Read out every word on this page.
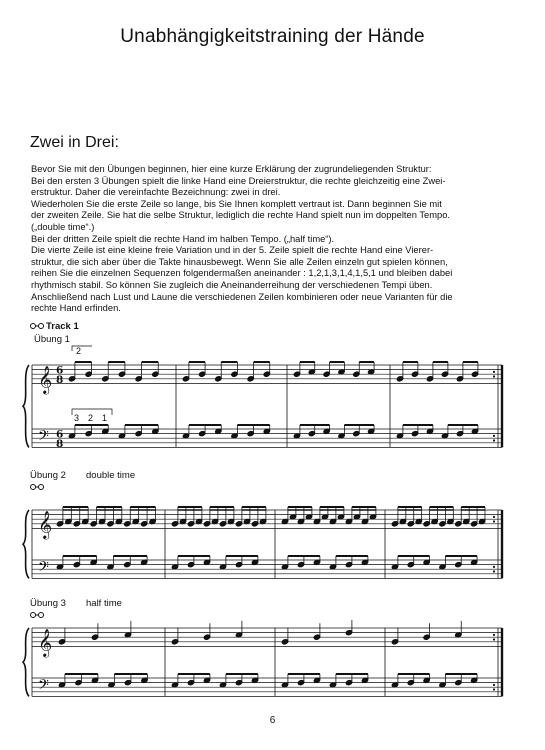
Unabhängigkeitstraining der Hände
Zwei in Drei:
Bevor Sie mit den Übungen beginnen, hier eine kurze Erklärung der zugrundeliegenden Struktur:
Bei den ersten 3 Übungen spielt die linke Hand eine Dreierstruktur, die rechte gleichzeitig eine Zwei-
erstruktur. Daher die vereinfachte Bezeichnung: zwei in drei.
Wiederholen Sie die erste Zeile so lange, bis Sie Ihnen komplett vertraut ist. Dann beginnen Sie mit
der zweiten Zeile. Sie hat die selbe Struktur, lediglich die rechte Hand spielt nun im doppelten Tempo.
(„double time“.)
Bei der dritten Zeile spielt die rechte Hand im halben Tempo. („half time“).
Die vierte Zeile ist eine kleine freie Variation und in der 5. Zeile spielt die rechte Hand eine Vierer-
struktur, die sich aber über die Takte hinausbewegt. Wenn Sie alle Zeilen einzeln gut spielen können,
reihen Sie die einzelnen Sequenzen folgendermaßen aneinander : 1,2,1,3,1,4,1,5,1 und bleiben dabei
rhythmisch stabil. So können Sie zugleich die Aneinanderreihung der verschiedenen Tempi üben.
Anschließend nach Lust und Laune die verschiedenen Zeilen kombinieren oder neue Varianten für die
rechte Hand erfinden.
Track 1
Übung 1
Übung 2 double time
Übung 3 half time
𝄞
𝄢
6
8
6
8
2
3 2 1
𝄞
𝄢
𝄞
𝄢
6
